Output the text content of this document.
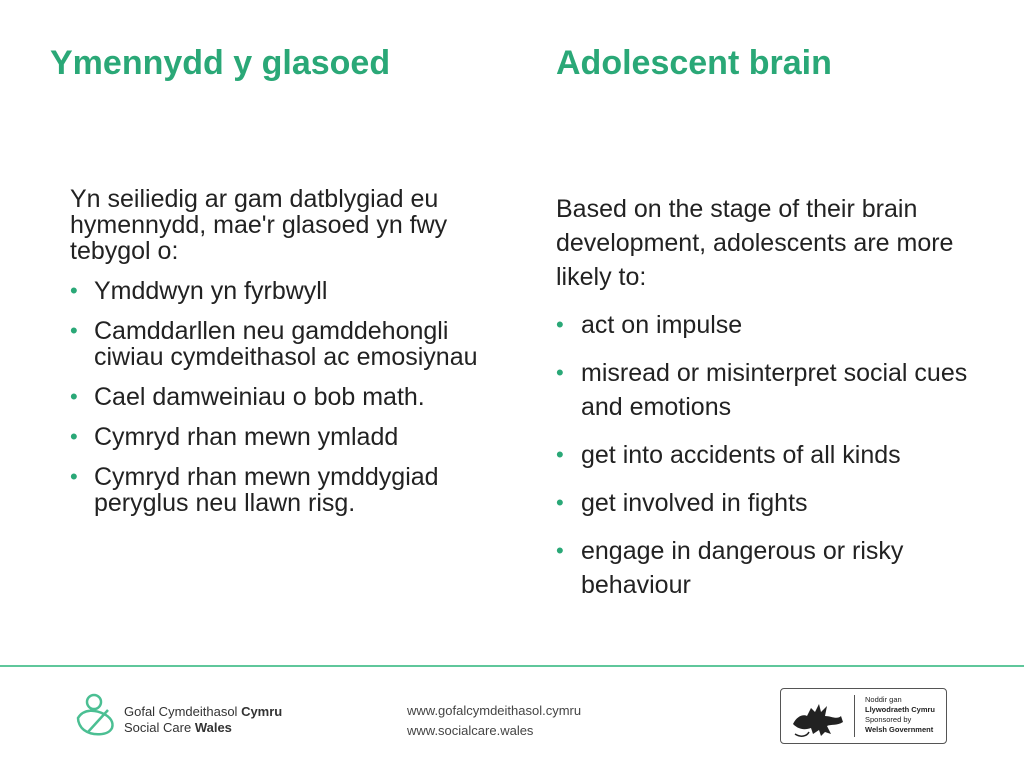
Ymennydd y glasoed	Adolescent brain
Yn seiliedig ar gam datblygiad eu hymennydd, mae'r glasoed yn fwy tebygol o:
• Ymddwyn yn fyrbwyll
• Camddarllen neu gamddehongli ciwiau cymdeithasol ac emosiynau
• Cael damweiniau o bob math.
• Cymryd rhan mewn ymladd
• Cymryd rhan mewn ymddygiad peryglus neu llawn risg.
Based on the stage of their brain development, adolescents are more likely to:
• act on impulse
• misread or misinterpret social cues and emotions
• get into accidents of all kinds
• get involved in fights
• engage in dangerous or risky behaviour
Gofal Cymdeithasol Cymru
Social Care Wales
www.gofalcymdeithasol.cymru
www.socialcare.wales
Noddir gan
Llywodraeth Cymru
Sponsored by
Welsh Government
